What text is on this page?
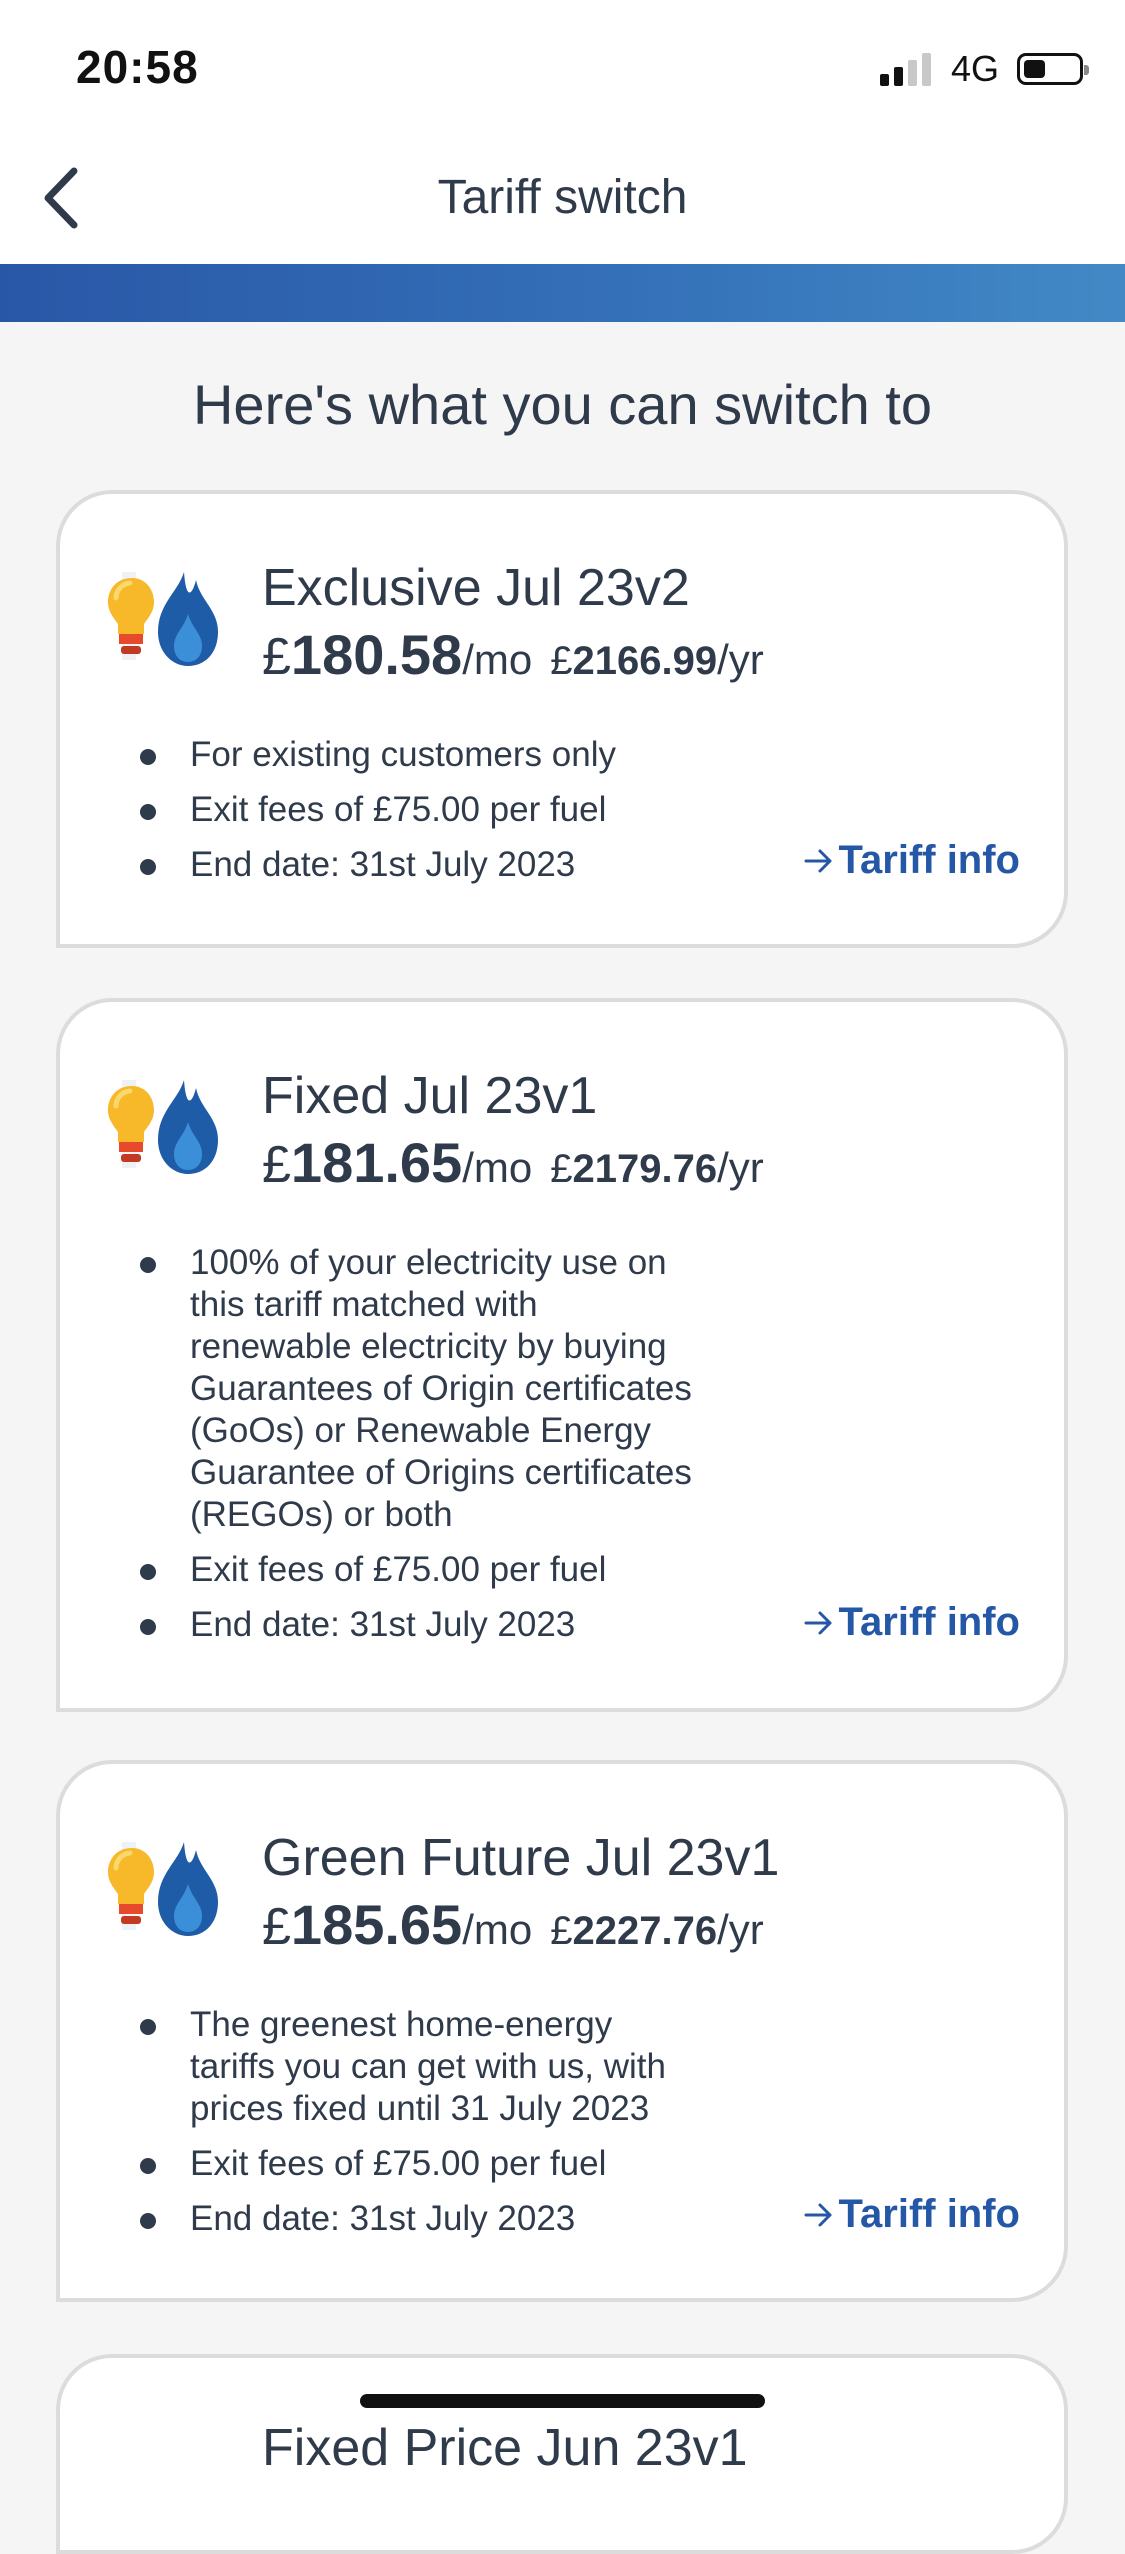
20:58	4G
Tariff switch
Here's what you can switch to
Exclusive Jul 23v2
£180.58/mo £2166.99/yr
For existing customers only
Exit fees of £75.00 per fuel
End date: 31st July 2023	Tariff info
Fixed Jul 23v1
£181.65/mo £2179.76/yr
100% of your electricity use on this tariff matched with renewable electricity by buying Guarantees of Origin certificates (GoOs) or Renewable Energy Guarantee of Origins certificates (REGOs) or both
Exit fees of £75.00 per fuel
End date: 31st July 2023	Tariff info
Green Future Jul 23v1
£185.65/mo £2227.76/yr
The greenest home-energy tariffs you can get with us, with prices fixed until 31 July 2023
Exit fees of £75.00 per fuel
End date: 31st July 2023	Tariff info
Fixed Price Jun 23v1
